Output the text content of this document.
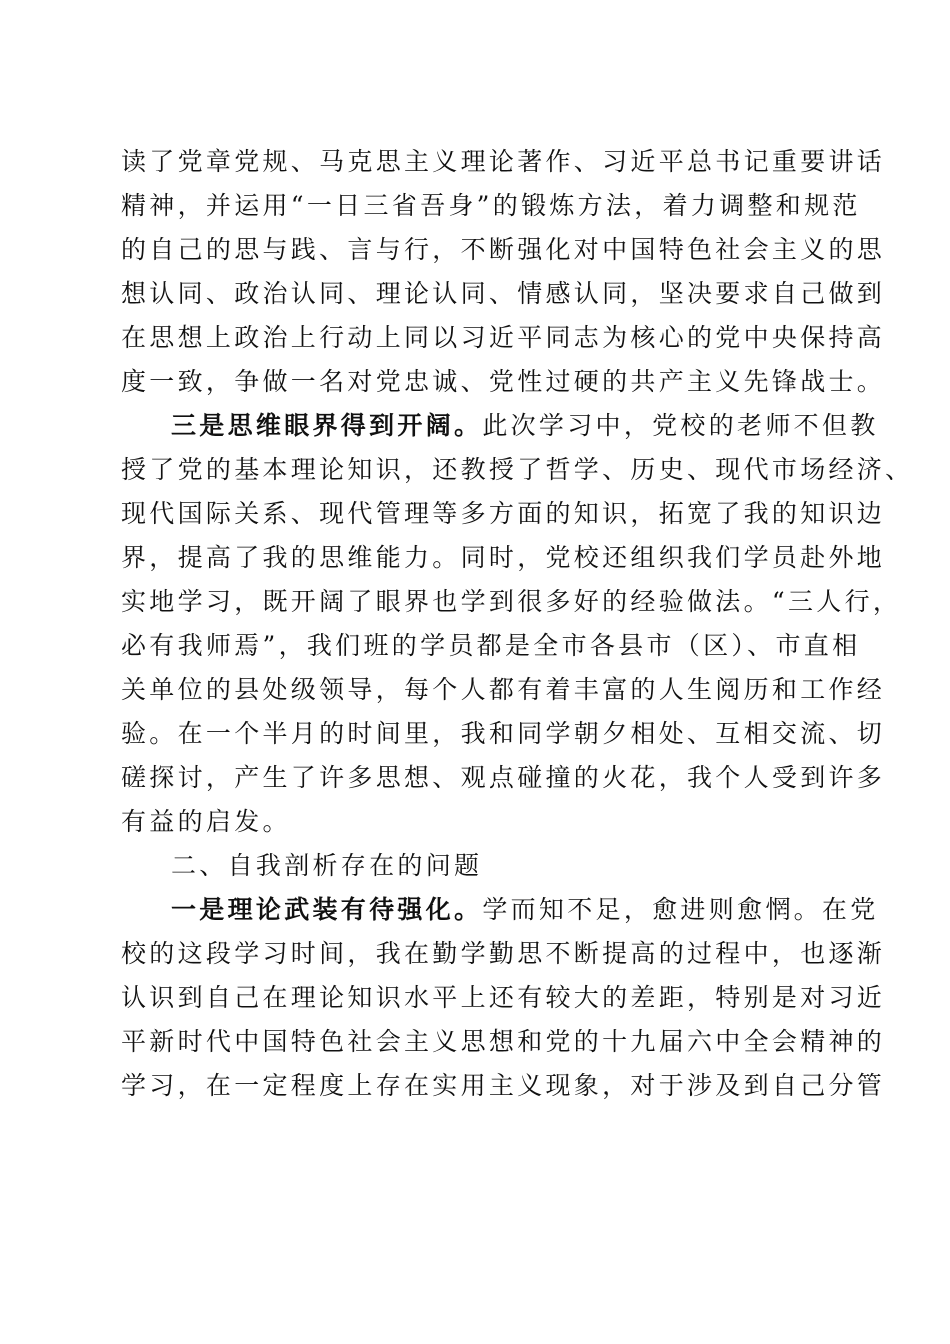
读了党章党规、马克思主义理论著作、习近平总书记重要讲话
精神，并运用“一日三省吾身”的锻炼方法，着力调整和规范
的自己的思与践、言与行，不断强化对中国特色社会主义的思
想认同、政治认同、理论认同、情感认同，坚决要求自己做到
在思想上政治上行动上同以习近平同志为核心的党中央保持高
度一致，争做一名对党忠诚、党性过硬的共产主义先锋战士。
三是思维眼界得到开阔。此次学习中，党校的老师不但教
授了党的基本理论知识，还教授了哲学、历史、现代市场经济、
现代国际关系、现代管理等多方面的知识，拓宽了我的知识边
界，提高了我的思维能力。同时，党校还组织我们学员赴外地
实地学习，既开阔了眼界也学到很多好的经验做法。“三人行，
必有我师焉”，我们班的学员都是全市各县市（区）、市直相
关单位的县处级领导，每个人都有着丰富的人生阅历和工作经
验。在一个半月的时间里，我和同学朝夕相处、互相交流、切
磋探讨，产生了许多思想、观点碰撞的火花，我个人受到许多
有益的启发。
二、自我剖析存在的问题
一是理论武装有待强化。学而知不足，愈进则愈惘。在党
校的这段学习时间，我在勤学勤思不断提高的过程中，也逐渐
认识到自己在理论知识水平上还有较大的差距，特别是对习近
平新时代中国特色社会主义思想和党的十九届六中全会精神的
学习，在一定程度上存在实用主义现象，对于涉及到自己分管
